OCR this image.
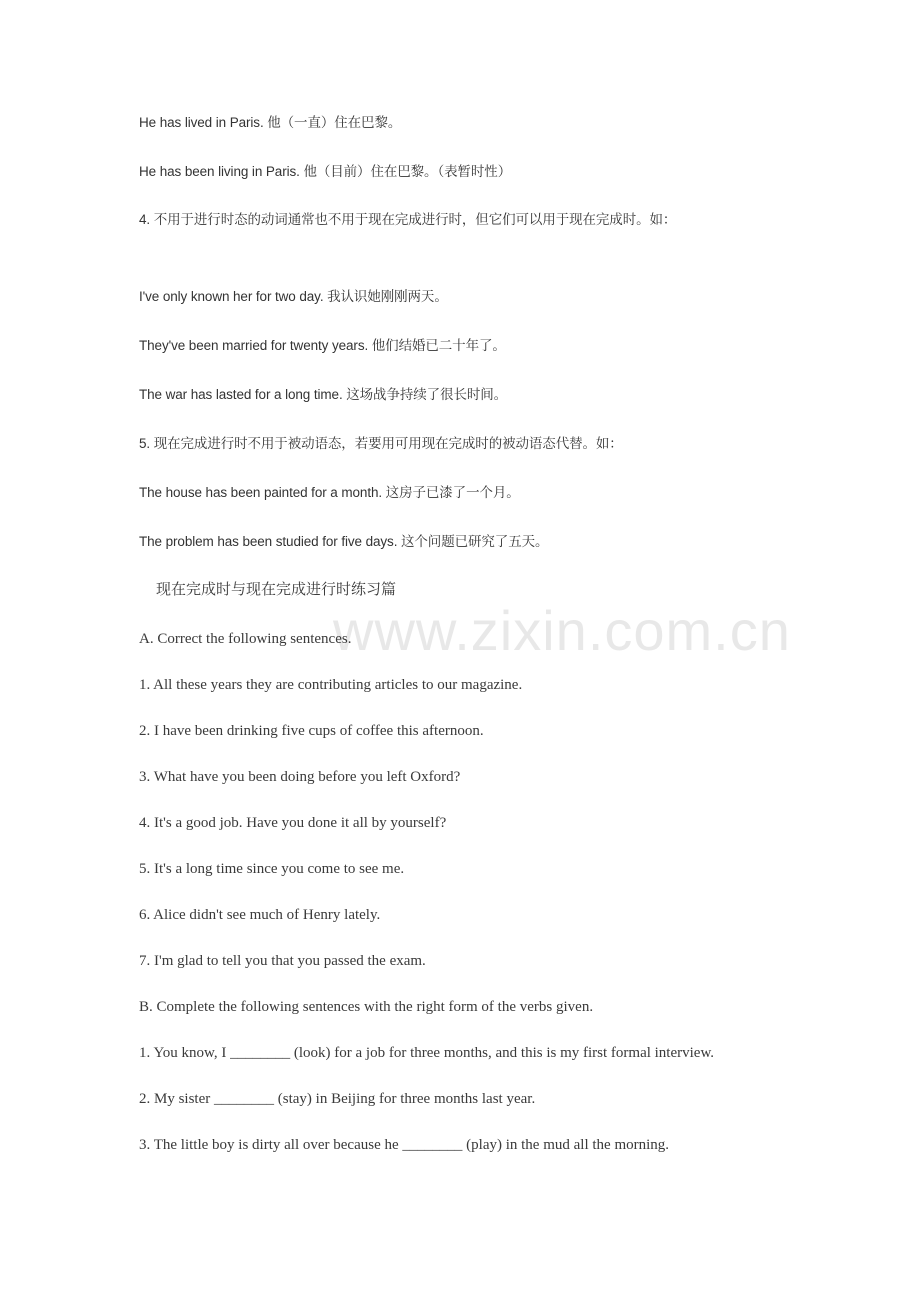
He has lived in Paris. 他（一直）住在巴黎。
He has been living in Paris. 他（目前）住在巴黎。（表暂时性）
4. 不用于进行时态的动词通常也不用于现在完成进行时，但它们可以用于现在完成时。如：
I've only known her for two day. 我认识她刚刚两天。
They've been married for twenty years. 他们结婚已二十年了。
The war has lasted for a long time. 这场战争持续了很长时间。
5. 现在完成进行时不用于被动语态，若要用可用现在完成时的被动语态代替。如：
The house has been painted for a month. 这房子已漆了一个月。
The problem has been studied for five days. 这个问题已研究了五天。
现在完成时与现在完成进行时练习篇
www.zixin.com.cn
A. Correct the following sentences.
1. All these years they are contributing articles to our magazine.
2. I have been drinking five cups of coffee this afternoon.
3. What have you been doing before you left Oxford?
4. It's a good job. Have you done it all by yourself?
5. It's a long time since you come to see me.
6. Alice didn't see much of Henry lately.
7. I'm glad to tell you that you passed the exam.
B. Complete the following sentences with the right form of the verbs given.
1. You know, I ________ (look) for a job for three months, and this is my first formal interview.
2. My sister ________ (stay) in Beijing for three months last year.
3. The little boy is dirty all over because he ________ (play) in the mud all the morning.
